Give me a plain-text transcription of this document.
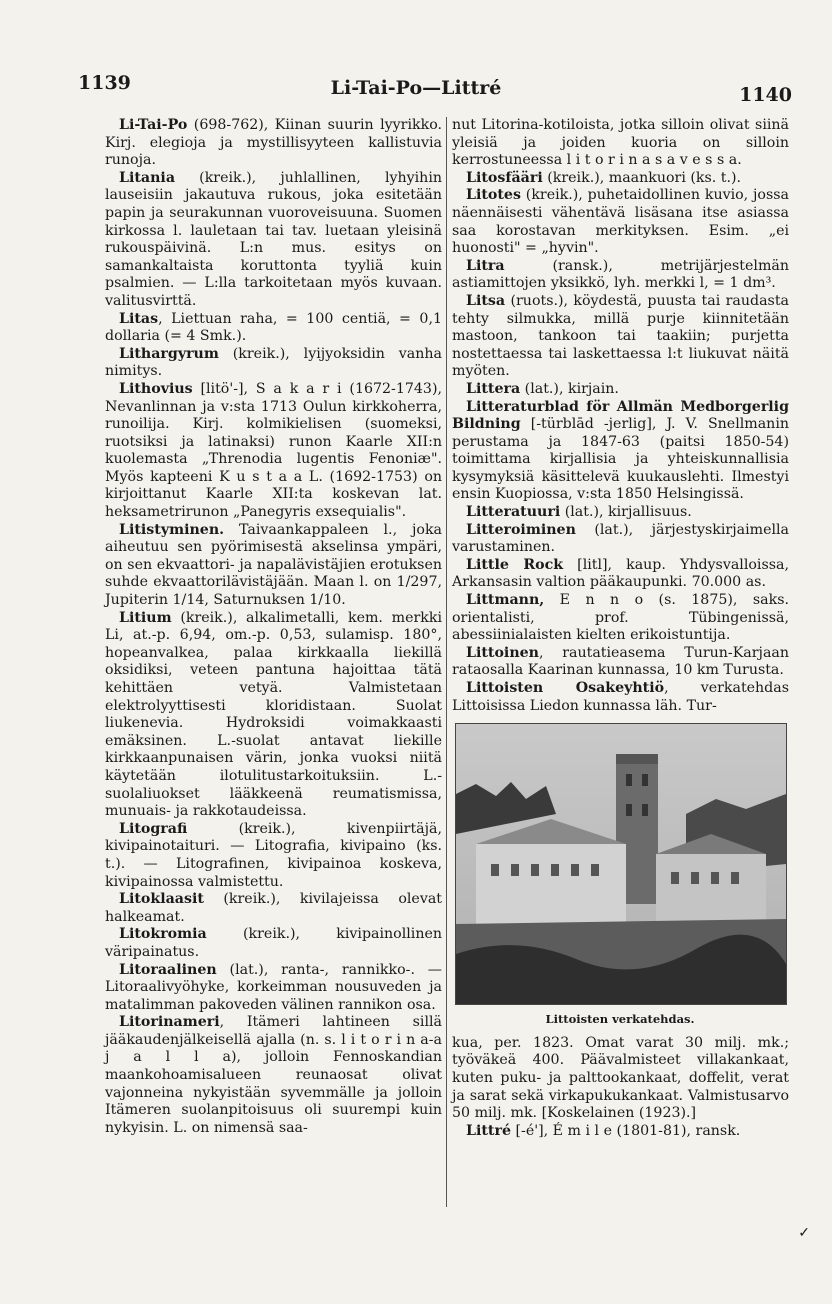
1139	Li-Tai-Po—Littré	1140

Li-Tai-Po (698-762), Kiinan suurin lyyrikko. Kirj. elegioja ja mystillisyyteen kallistuvia runoja.

Litania (kreik.), juhlallinen, lyhyihin lauseisiin jakautuva rukous, joka esitetään papin ja seurakunnan vuoroveisuuna. Suomen kirkossa l. lauletaan tai tav. luetaan yleisinä rukouspäivinä. L:n mus. esitys on samankaltaista koruttonta tyyliä kuin psalmien. — L:lla tarkoitetaan myös kuvaan. valitusvirttä.

Litas, Liettuan raha, = 100 centiä, = 0,1 dollaria (= 4 Smk.).

Lithargyrum (kreik.), lyijyoksidin vanha nimitys.

Lithovius [litö'-], S a k a r i (1672-1743), Nevanlinnan ja v:sta 1713 Oulun kirkkoherra, runoilija. Kirj. kolmikielisen (suomeksi, ruotsiksi ja latinaksi) runon Kaarle XII:n kuolemasta „Threnodia lugentis Fenoniæ". Myös kapteeni K u s t a a L. (1692-1753) on kirjoittanut Kaarle XII:ta koskevan lat. heksametrirunon „Panegyris exsequialis".

Litistyminen. Taivaankappaleen l., joka aiheutuu sen pyörimisestä akselinsa ympäri, on sen ekvaattori- ja napalävistäjien erotuksen suhde ekvaattorilävistäjään. Maan l. on 1/297, Jupiterin 1/14, Saturnuksen 1/10.

Litium (kreik.), alkalimetalli, kem. merkki Li, at.-p. 6,94, om.-p. 0,53, sulamisp. 180°, hopeanvalkea, palaa kirkkaalla liekillä oksidiksi, veteen pantuna hajoittaa tätä kehittäen vetyä. Valmistetaan elektrolyyttisesti kloridistaan. Suolat liukenevia. Hydroksidi voimakkaasti emäksinen. L.-suolat antavat liekille kirkkaanpunaisen värin, jonka vuoksi niitä käytetään ilotulitustarkoituksiin. L.-suolaliuokset lääkkeenä reumatismissa, munuais- ja rakkotaudeissa.

Litografi (kreik.), kivenpiirtäjä, kivipainotaituri. — Litografia, kivipaino (ks. t.). — Litografinen, kivipainoa koskeva, kivipainossa valmistettu.

Litoklaasit (kreik.), kivilajeissa olevat halkeamat.

Litokromia (kreik.), kivipainollinen väripainatus.

Litoraalinen (lat.), ranta-, rannikko-. —Litoraalivyöhyke, korkeimman nousuveden ja matalimman pakoveden välinen rannikon osa.

Litorinameri, Itämeri lahtineen sillä jääkaudenjälkeisellä ajalla (n. s. l i t o r i n a-a j a l l a), jolloin Fennoskandian maankohoamisalueen reunaosat olivat vajonneina nykyistään syvemmälle ja jolloin Itämeren suolanpitoisuus oli suurempi kuin nykyisin. L. on nimensä saa-

nut Litorina-kotiloista, jotka silloin olivat siinä yleisiä ja joiden kuoria on silloin kerrostuneessa l i t o r i n a s a v e s s a.

Litosfääri (kreik.), maankuori (ks. t.).

Litotes (kreik.), puhetaidollinen kuvio, jossa näennäisesti vähentävä lisäsana itse asiassa saa korostavan merkityksen. Esim. „ei huonosti" = „hyvin".

Litra (ransk.), metrijärjestelmän astiamittojen yksikkö, lyh. merkki l, = 1 dm³.

Litsa (ruots.), köydestä, puusta tai raudasta tehty silmukka, millä purje kiinnitetään mastoon, tankoon tai taakiin; purjetta nostettaessa tai laskettaessa l:t liukuvat näitä myöten.

Littera (lat.), kirjain.

Litteraturblad för Allmän Medborgerlig Bildning [-türblād -jerlig], J. V. Snellmanin perustama ja 1847-63 (paitsi 1850-54) toimittama kirjallisia ja yhteiskunnallisia kysymyksiä käsittelevä kuukauslehti. Ilmestyi ensin Kuopiossa, v:sta 1850 Helsingissä.

Litteratuuri (lat.), kirjallisuus.

Litteroiminen (lat.), järjestyskirjaimella varustaminen.

Little Rock [litl], kaup. Yhdysvalloissa, Arkansasin valtion pääkaupunki. 70.000 as.

Littmann, E n n o (s. 1875), saks. orientalisti, prof. Tübingenissä, abessiinialaisten kielten erikoistuntija.

Littoinen, rautatieasema Turun-Karjaan rataosalla Kaarinan kunnassa, 10 km Turusta.

Littoisten Osakeyhtiö, verkatehdas Littoisissa Liedon kunnassa läh. Tur-

Littoisten verkatehdas.

kua, per. 1823. Omat varat 30 milj. mk.; työväkeä 400. Päävalmisteet villakankaat, kuten puku- ja palttookankaat, doffelit, verat ja sarat sekä virkapukukankaat. Valmistusarvo 50 milj. mk. [Koskelainen (1923).]

Littré [-é'], É m i l e (1801-81), ransk.

✓
